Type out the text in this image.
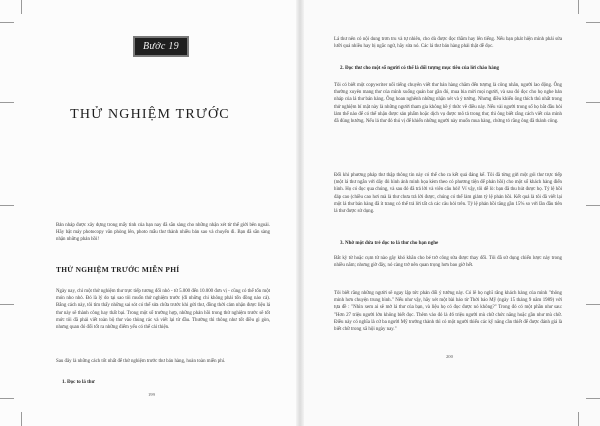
Bước 19
THỬ NGHIỆM TRƯỚC

Bản nháp được xây dựng trong mấy tinh của bạn nay đã sẵn sàng cho những nhận xét từ thế giới bên ngoài. Hãy bật máy photocopy văn phòng lên, photo mẫu thư thành nhiều bản sao và chuyển đi. Bạn đã sẵn sàng nhận những phản hồi!

THỬ NGHIỆM TRƯỚC MIỄN PHÍ

Ngày nay, chỉ một thử nghiệm thư trực tiếp tương đối nhỏ - từ 5.000 đến 10.000 đơn vị - cũng có thể tốn một món nho nhỏ. Đó là lý do tại sao tôi muốn thử nghiệm trước (đi những chi không phải tốn đồng nào cả). Bằng cách này, tôi tìm thấy những sai sót có thể sửa chữa trước khi gửi thư, đồng thời cảm nhận được liệu lá thư này sẽ thành công hay thất bại. Trong một số trường hợp, những phản hồi trong thử nghiệm trước sẽ tốt mức tôi đã phải viết toàn bộ thư vào thùng rác và viết lại từ đầu. Thường thì thông như tốt điều gì gòn, nhưng quan đó đổi tốt ra những điểm yếu có thể cải thiện.

Sau đây là những cách tốt nhất để thử nghiệm trước thư bán hàng, hoàn toàn miễn phí.

1. Đọc to lá thư
199

Lá thư nên có nội dung trơn tru và tự nhiên, cho dù được đọc thầm hay lên tiếng. Nếu bạn phát hiện mình phải sửa lưỡi quá nhiều hay bị ngắc ngứ, hãy sửa nó. Các lá thư bán hàng phải thật dễ đọc.

2. Đọc thư cho một số người có thể là đối tượng mục tiêu của lời chào hàng

Tôi có biết một copywriter nổi tiếng chuyên viết thư bán hàng chăm đến tượng là công nhân, người lao động. Ông thường xuyên mang thư của mình xuống quán bar gần đó, mua bia mời mọi người, và sau đó đọc cho họ nghe bản nháp của lá thư bán hàng. Ông hoan nghênh những nhận xét và ý tưởng. Nhưng điều khiến ông thích thú nhất trong thử nghiệm bí mật này là những người tham gia không hề ý thức về điều này. Nếu vài người trong số họ bắt đầu hỏi làm thế nào để có thể nhận được sản phẩm hoặc dịch vụ được mô tả trong thư, thì ông biết rằng cách viết của mình đã đúng hướng. Nếu lá thư đó thú vị để khiến những người này muốn mua hàng, chứng tỏ rằng ông đã thành công.

Đối khi phương pháp thư thập thông tin này có thể cho ra kết quả đáng kể. Tôi đã từng gửi một gói thư trực tiếp (một lá thư ngắn với dây đủ hình ảnh minh họa kèm theo có phương tiện để phản hồi) cho một số khách hàng điển hình. Họ có đọc qua chúng, và sau đó đã trả lời và viên câu hỏi! Ví vậy, tôi dễ lò: bạn đã thu hút được họ. Tỷ lệ hồi đáp cao (chiều cao hơi mà là thư chưa trả lời được, chúng có thể làm giảm tỷ lệ phản hồi. Kết quả là tôi đã viết lại một lá thư bán hàng đã ít trang có thể trả lời tất cả các câu hỏi trên. Tỷ lệ phản hồi tăng gần 15% so với lần đầu tiên lá thư được sử dụng.

3. Nhờ một đứa trẻ đọc to lá thư cho bạn nghe

Bắt kỳ từ hoặc cụm từ nào gây khó khăn cho bé trở công sửa được thay đổi. Tôi đã sử dụng chiến lược này trong nhiều năm; nhưng giờ đây, nó càng trở nên quan trọng hơn bao giờ hết.

Tôi biết rằng những người sẽ ngay lập tức phản đối ý tưởng này. Có lẽ họ nghĩ rằng khách hàng của mình "thông minh hơn chuyện trung bình." Nếu như vậy, hãy xét một bài báo từ Thời báo Mỹ (ngày 15 tháng 9 năm 1989) với tựa đề : "Nhìn xem ai sẽ mở lá thư của bạn, và liệu họ có đọc được nó không?" Trong đó có một phần như sau: "Hơn 27 triệu người lớn không biết đọc. Thêm vào đó là 46 triệu người mù chữ chức năng hoặc gần như mù chữ. Điều này có nghĩa là cứ ba người Mỹ trưởng thành thì có một người thiếu các kỹ năng cần thiết để được đánh giá là biết chữ trong xã hội ngày nay."

200
